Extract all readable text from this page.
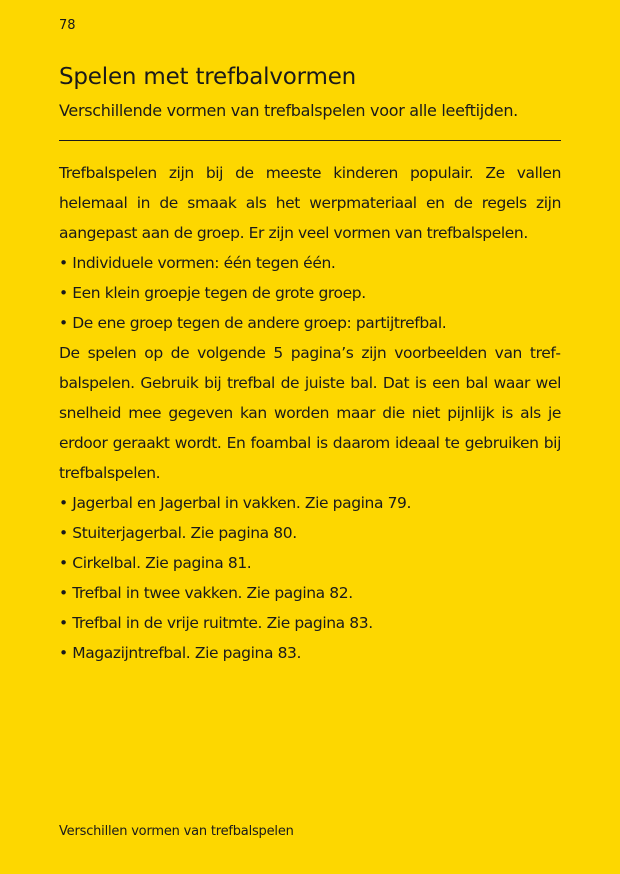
78
Spelen met trefbalvormen

Verschillende vormen van trefbalspelen voor alle leeftijden.

Trefbalspelen zijn bij de meeste kinderen populair. Ze vallen helemaal in de smaak als het werpmateriaal en de regels zijn aangepast aan de groep. Er zijn veel vormen van trefbalspelen.

• Individuele vormen: één tegen één.
• Een klein groepje tegen de grote groep.
• De ene groep tegen de andere groep: partijtrefbal.

De spelen op de volgende 5 pagina’s zijn voorbeelden van trefbalspelen. Gebruik bij trefbal de juiste bal. Dat is een bal waar wel snelheid mee gegeven kan worden maar die niet pijnlijk is als je erdoor geraakt wordt. En foambal is daarom ideaal te gebruiken bij trefbalspelen.

• Jagerbal en Jagerbal in vakken. Zie pagina 79.
• Stuiterjagerbal. Zie pagina 80.
• Cirkelbal. Zie pagina 81.
• Trefbal in twee vakken. Zie pagina 82.
• Trefbal in de vrije ruitmte. Zie pagina 83.
• Magazijntrefbal. Zie pagina 83.
Verschillen vormen van trefbalspelen
